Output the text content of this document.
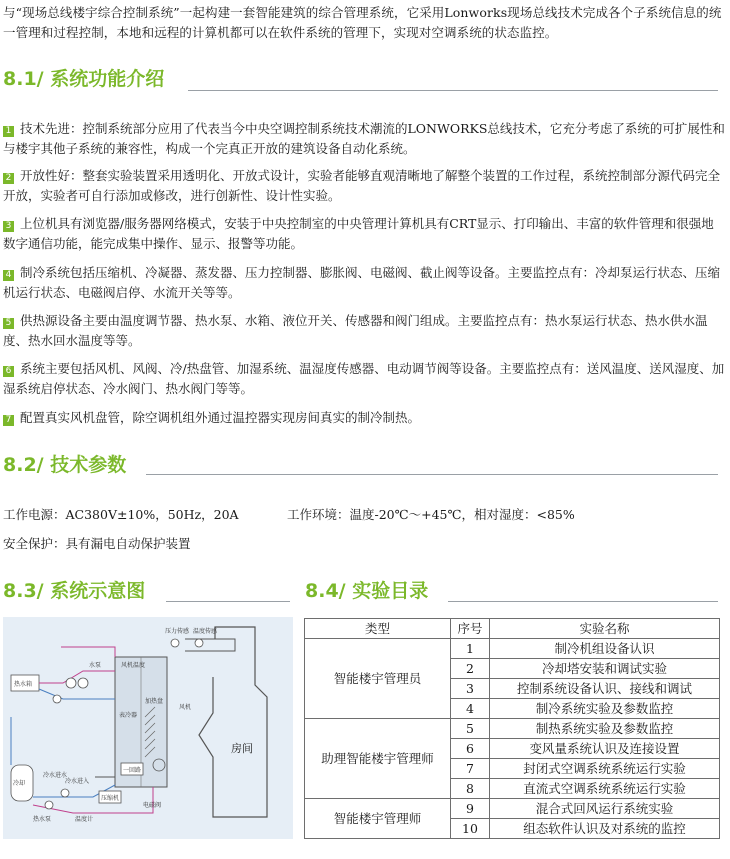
与“现场总线楼宇综合控制系统”一起构建一套智能建筑的综合管理系统，它采用Lonworks现场总线技术完成各个子系统信息的统一管理和过程控制，本地和远程的计算机都可以在软件系统的管理下，实现对空调系统的状态监控。
8.1/ 系统功能介绍
1 技术先进：控制系统部分应用了代表当今中央空调控制系统技术潮流的LONWORKS总线技术，它充分考虑了系统的可扩展性和与楼宇其他子系统的兼容性，构成一个完真正开放的建筑设备自动化系统。
2 开放性好：整套实验装置采用透明化、开放式设计，实验者能够直观清晰地了解整个装置的工作过程，系统控制部分源代码完全开放，实验者可自行添加或修改，进行创新性、设计性实验。
3 上位机具有浏览器/服务器网络模式，安装于中央控制室的中央管理计算机具有CRT显示、打印输出、丰富的软件管理和很强地数字通信功能，能完成集中操作、显示、报警等功能。
4 制冷系统包括压缩机、冷凝器、蒸发器、压力控制器、膨胀阀、电磁阀、截止阀等设备。主要监控点有：冷却泵运行状态、压缩机运行状态、电磁阀启停、水流开关等等。
5 供热源设备主要由温度调节器、热水泵、水箱、液位开关、传感器和阀门组成。主要监控点有：热水泵运行状态、热水供水温度、热水回水温度等等。
6 系统主要包括风机、风阀、冷/热盘管、加湿系统、温湿度传感器、电动调节阀等设备。主要监控点有：送风温度、送风湿度、加湿系统启停状态、冷水阀门、热水阀门等等。
7 配置真实风机盘管，除空调机组外通过温控器实现房间真实的制冷制热。
8.2/ 技术参数
工作电源：AC380V±10%，50Hz，20A	工作环境：温度-20℃～+45℃，相对湿度：<85%
安全保护：具有漏电自动保护装置
8.3/ 系统示意图	8.4/ 实验目录
房间
热水箱
冷却
压缩机
一回路
压力传感 温度传感
风机温度
表冷器
加热盘
风机
水泵
冷水进水
冷水进入
电磁阀
热水泵	温度计
类型	序号	实验名称
智能楼宇管理员	1	制冷机组设备认识
	2	冷却塔安装和调试实验
	3	控制系统设备认识、接线和调试
	4	制冷系统实验及参数监控
助理智能楼宇管理师	5	制热系统实验及参数监控
	6	变风量系统认识及连接设置
	7	封闭式空调系统系统运行实验
	8	直流式空调系统系统运行实验
智能楼宇管理师	9	混合式回风运行系统实验
	10	组态软件认识及对系统的监控
